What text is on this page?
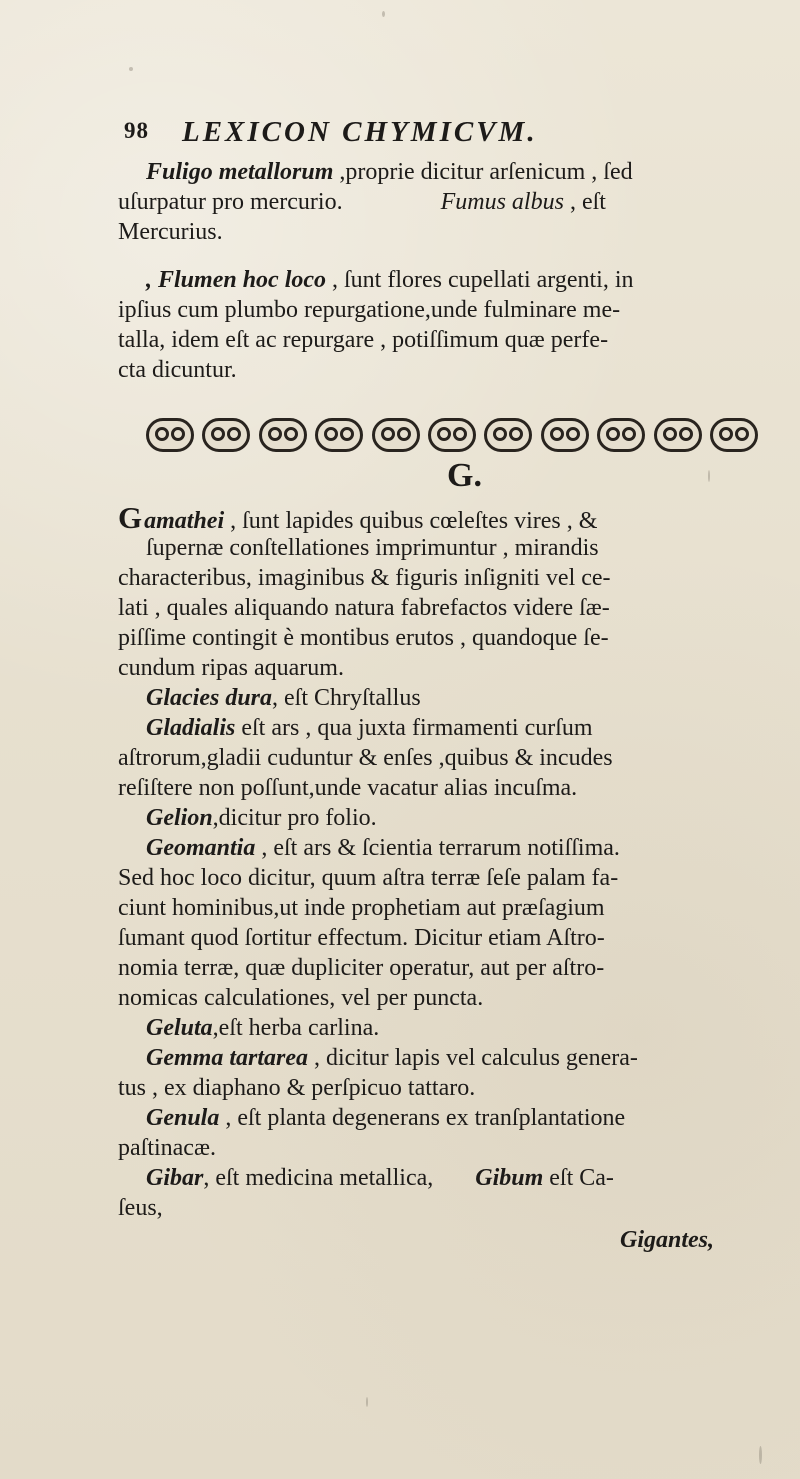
98 LEXICON CHYMICVM.
Fuligo metallorum ,proprie dicitur arſenicum , ſed
uſurpatur pro mercurio.	Fumus albus , eſt
Mercurius.
, Flumen hoc loco , ſunt flores cupellati argenti, in
ipſius cum plumbo repurgatione,unde fulminare me-
talla, idem eſt ac repurgare , potiſſimum quæ perfe-
cta dicuntur.
G.
Gamathei , ſunt lapides quibus cœleſtes vires , &
ſupernæ conſtellationes imprimuntur , mirandis
characteribus, imaginibus & figuris inſigniti vel ce-
lati , quales aliquando natura fabrefactos videre ſæ-
piſſime contingit è montibus erutos , quandoque ſe-
cundum ripas aquarum.
Glacies dura, eſt Chryſtallus
Gladialis eſt ars , qua juxta firmamenti curſum
aſtrorum,gladii cuduntur & enſes ,quibus & incudes
reſiſtere non poſſunt,unde vacatur alias incuſma.
Gelion,dicitur pro folio.
Geomantia , eſt ars & ſcientia terrarum notiſſima.
Sed hoc loco dicitur, quum aſtra terræ ſeſe palam fa-
ciunt hominibus,ut inde prophetiam aut præſagium
ſumant quod ſortitur effectum. Dicitur etiam Aſtro-
nomia terræ, quæ dupliciter operatur, aut per aſtro-
nomicas calculationes, vel per puncta.
Geluta,eſt herba carlina.
Gemma tartarea , dicitur lapis vel calculus genera-
tus , ex diaphano & perſpicuo tattaro.
Genula , eſt planta degenerans ex tranſplantatione
paſtinacæ.
Gibar, eſt medicina metallica, Gibum eſt Ca-
ſeus,
Gigantes,
